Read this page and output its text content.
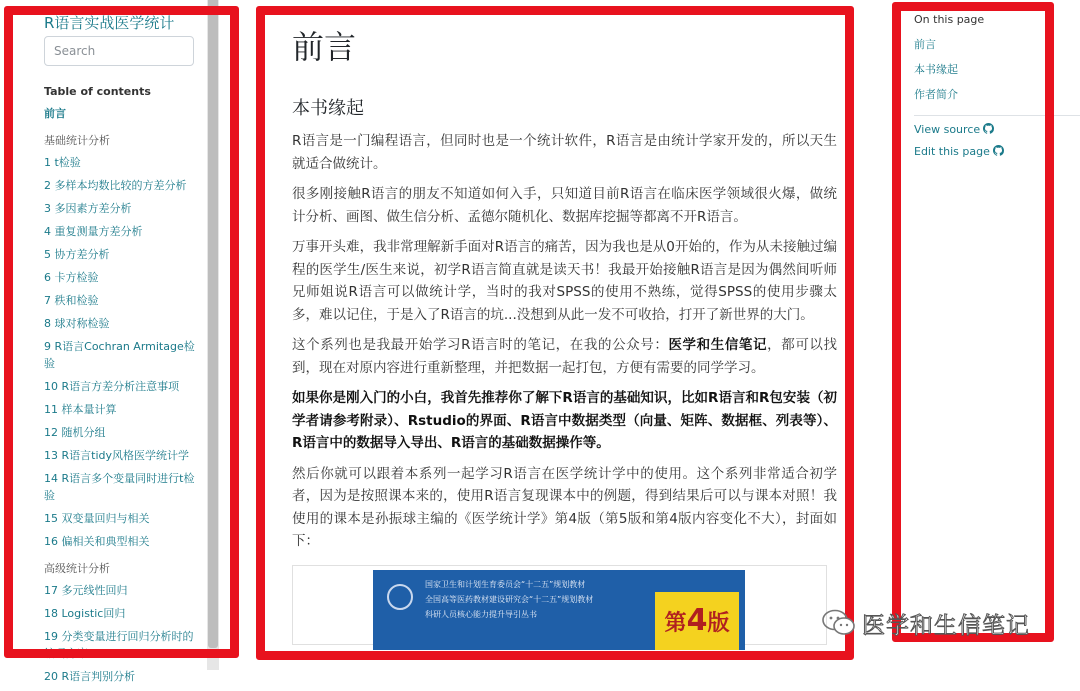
R语言实战医学统计
Search
Table of contents
前言
基础统计分析
1 t检验
2 多样本均数比较的方差分析
3 多因素方差分析
4 重复测量方差分析
5 协方差分析
6 卡方检验
7 秩和检验
8 球对称检验
9 R语言Cochran Armitage检验
10 R语言方差分析注意事项
11 样本量计算
12 随机分组
13 R语言tidy风格医学统计学
14 R语言多个变量同时进行t检验
15 双变量回归与相关
16 偏相关和典型相关
高级统计分析
17 多元线性回归
18 Logistic回归
19 分类变量进行回归分析时的编码方案
20 R语言判别分析
前言
本书缘起

R语言是一门编程语言，但同时也是一个统计软件，R语言是由统计学家开发的，所以天生就适合做统计。

很多刚接触R语言的朋友不知道如何入手，只知道目前R语言在临床医学领域很火爆，做统计分析、画图、做生信分析、孟德尔随机化、数据库挖掘等都离不开R语言。

万事开头难，我非常理解新手面对R语言的痛苦，因为我也是从0开始的，作为从未接触过编程的医学生/医生来说，初学R语言简直就是读天书！我最开始接触R语言是因为偶然间听师兄师姐说R语言可以做统计学，当时的我对SPSS的使用不熟练，觉得SPSS的使用步骤太多，难以记住，于是入了R语言的坑...没想到从此一发不可收拾，打开了新世界的大门。

这个系列也是我最开始学习R语言时的笔记，在我的公众号：医学和生信笔记，都可以找到，现在对原内容进行重新整理，并把数据一起打包，方便有需要的同学学习。

如果你是刚入门的小白，我首先推荐你了解下R语言的基础知识，比如R语言和R包安装（初学者请参考附录）、Rstudio的界面、R语言中数据类型（向量、矩阵、数据框、列表等）、R语言中的数据导入导出、R语言的基础数据操作等。

然后你就可以跟着本系列一起学习R语言在医学统计学中的使用。这个系列非常适合初学者，因为是按照课本来的，使用R语言复现课本中的例题，得到结果后可以与课本对照！我使用的课本是孙振球主编的《医学统计学》第4版（第5版和第4版内容变化不大），封面如下：

国家卫生和计划生育委员会“十二五”规划教材
全国高等医药教材建设研究会“十二五”规划教材
科研人员核心能力提升导引丛书	第4版
On this page
前言
本书缘起
作者简介
View source
Edit this page
医学和生信笔记
